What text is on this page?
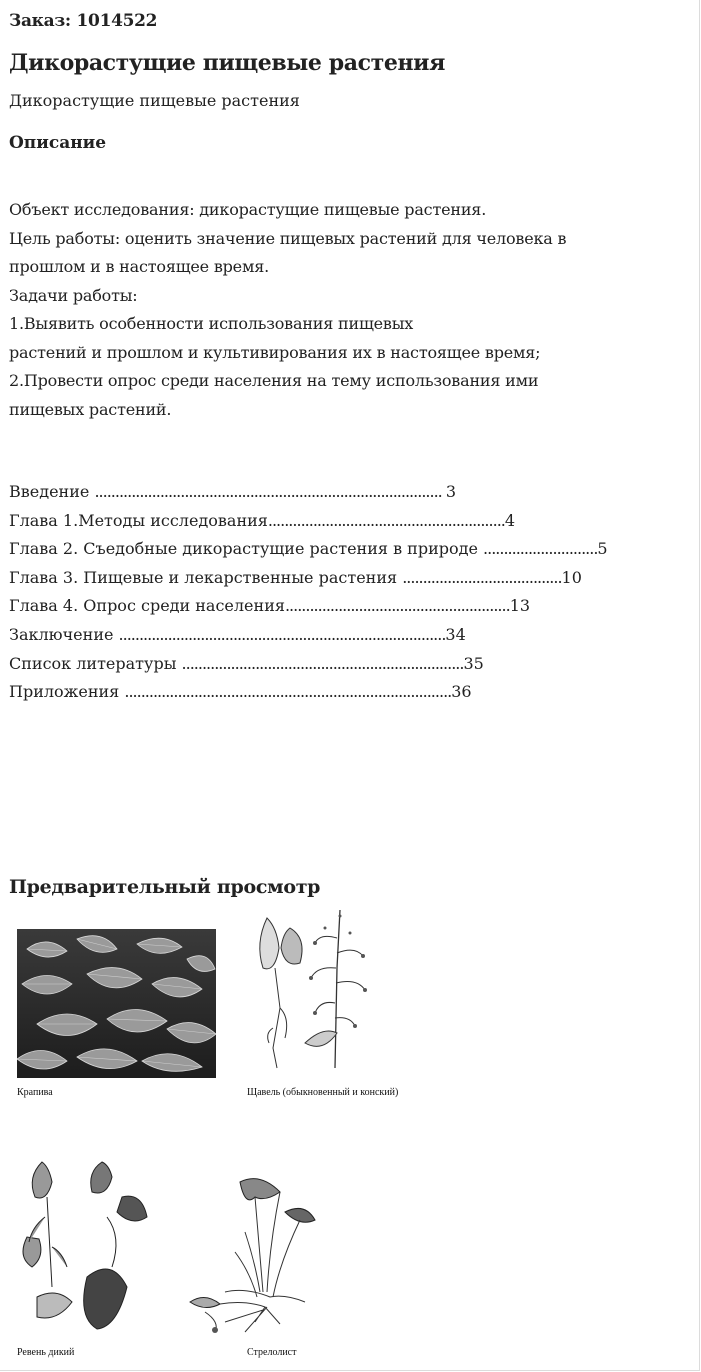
Заказ: 1014522
Дикорастущие пищевые растения
Дикорастущие пищевые растения
Описание
Объект исследования: дикорастущие пищевые растения.
Цель работы: оценить значение пищевых растений для человека в
прошлом и в настоящее время.
Задачи работы:
1.Выявить особенности использования пищевых
растений и прошлом и культивирования их в настоящее время;
2.Провести опрос среди населения на тему использования ими
пищевых растений.
Введение ..................................................................................... 3
Глава 1.Методы исследования..........................................................4
Глава 2. Съедобные дикорастущие растения в природе ............................5
Глава 3. Пищевые и лекарственные растения .......................................10
Глава 4. Опрос среди населения.......................................................13
Заключение ................................................................................34
Список литературы .....................................................................35
Приложения ................................................................................36
Предварительный просмотр
Крапива	Щавель (обыкновенный и конский)
Ревень дикий	Стрелолист
